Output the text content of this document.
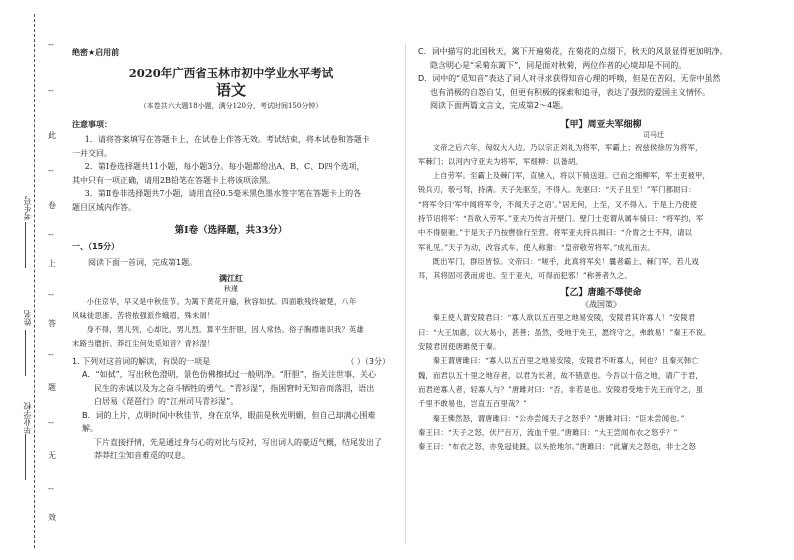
--
此
卷
上
答
题
无
效
--
--
--
--
--
--
--
考生号
姓名
毕业学校
绝密★启用前
2020年广西省玉林市初中学业水平考试
语文
（本卷共六大题18小题，满分120分，考试时间150分钟）
注意事项：

1．请将答案填写在答题卡上，在试卷上作答无效。考试结束，将本试卷和答题卡

一并交回。

2．第Ⅰ卷选择题共11小题，每小题3分。每小题都给出A、B、C、D四个选项，

其中只有一项正确，请用2B铅笔在答题卡上将该项涂黑。

3．第Ⅱ卷非选择题共7小题，请用直径0.5毫米黑色墨水签字笔在答题卡上的各

题目区域内作答。

第Ⅰ卷（选择题，共33分）
一、（15分）

阅读下面一首词，完成第1题。

满江红
秋瑾

小住京华，早又是中秋佳节。为篱下黄花开遍，秋容如拭。四面歌残终破楚，八年

风味徒思浙。苦将侬强派作蛾眉，殊未屑！

身不得，男儿列，心却比，男儿烈。算平生肝胆，因人常热。俗子胸襟谁识我？英雄

末路当磨折。莽红尘何处觅知音？青衫湿！

1. 下列对这首词的解读，有误的一项是	（ ）（3分）

A．“如拭”，写出秋色澄明，景色仿佛擦拭过一般明净。“肝胆”，指关注世事、关心

民生的赤诚以及为之奋斗牺牲的勇气。“青衫湿”，指困窘时无知音而落泪，语出

白居易《琵琶行》的“江州司马青衫湿”。

B．词的上片，点明时间中秋佳节，身在京华，眼前是秋光明媚，但自己却满心围难解。

下片直接抒情，先是通过身与心的对比与反衬，写出词人的豪迈气概，结尾发出了

莽莽红尘知音难觅的叹息。

C．词中描写的北国秋天，篱下开遍菊花，在菊花的点缀下，秋天的风景显得更加明净。

隐含明心是“采菊东篱下”，同是面对秋菊，两位作者的心境却是不同的。

D．词中的“觅知音”表达了词人对寻求获得知音心理的呼唤，但是在苦闷、无奈中虽然

也有消极的自怨自艾，但更有积极的探索和追寻，表达了强烈的爱国主义情怀。

阅读下面两篇文言文，完成第2～4题。

【甲】周亚夫军细柳
司马迁

文帝之后六年，匈奴大入边。乃以宗正刘礼为将军，军霸上；祝兹侯徐厉为将军，

军棘门；以河内守亚夫为将军，军细柳：以备胡。

上自劳军。至霸上及棘门军，直驰入，将以下骑送迎。已而之细柳军，军士吏被甲，

锐兵刃，彀弓弩，持满。天子先驱至，不得入。先驱曰：“天子且至！”军门都尉曰：

“将军令曰‘军中闻将军令，不闻天子之诏’。”居无何，上至，又不得入。于是上乃使使

持节诏将军：“吾欲入劳军。”亚夫乃传言开壁门。壁门士吏谓从属车骑曰：“将军约，军

中不得驱驰。”于是天子乃按辔徐行至营。将军亚夫持兵揖曰：“介胄之士不拜，请以

军礼见。”天子为动，改容式车。使人称谢：“皇帝敬劳将军。”成礼而去。

既出军门，群臣皆惊。文帝曰：“嗟乎，此真将军矣！曩者霸上、棘门军，若儿戏

耳，其将固可袭而虏也。至于亚夫，可得而犯邪！”称善者久之。

【乙】唐雎不辱使命
《战国策》

秦王使人谓安陵君曰：“寡人欲以五百里之地易安陵，安陵君其许寡人！”安陵君

曰：“大王加惠，以大易小，甚善；虽然，受地于先王，愿终守之，弗敢易！”秦王不说。

安陵君因使唐雎使于秦。

秦王谓唐雎曰：“寡人以五百里之地易安陵，安陵君不听寡人，何也？且秦灭韩亡

魏，而君以五十里之地存者，以君为长者，故不错意也。今吾以十倍之地，请广于君，

而君逆寡人者，轻寡人与？”唐雎对曰：“否，非若是也。安陵君受地于先王而守之，虽

千里不敢易也，岂直五百里哉？”

秦王怫然怒，谓唐雎曰：“公亦尝闻天子之怒乎？”唐雎对曰：“臣未尝闻也。”

秦王曰：“天子之怒，伏尸百万，流血千里。”唐雎曰：“大王尝闻布衣之怒乎？”

秦王曰：“布衣之怒，亦免冠徒跣，以头抢地尔。”唐雎曰：“此庸夫之怒也，非士之怒
